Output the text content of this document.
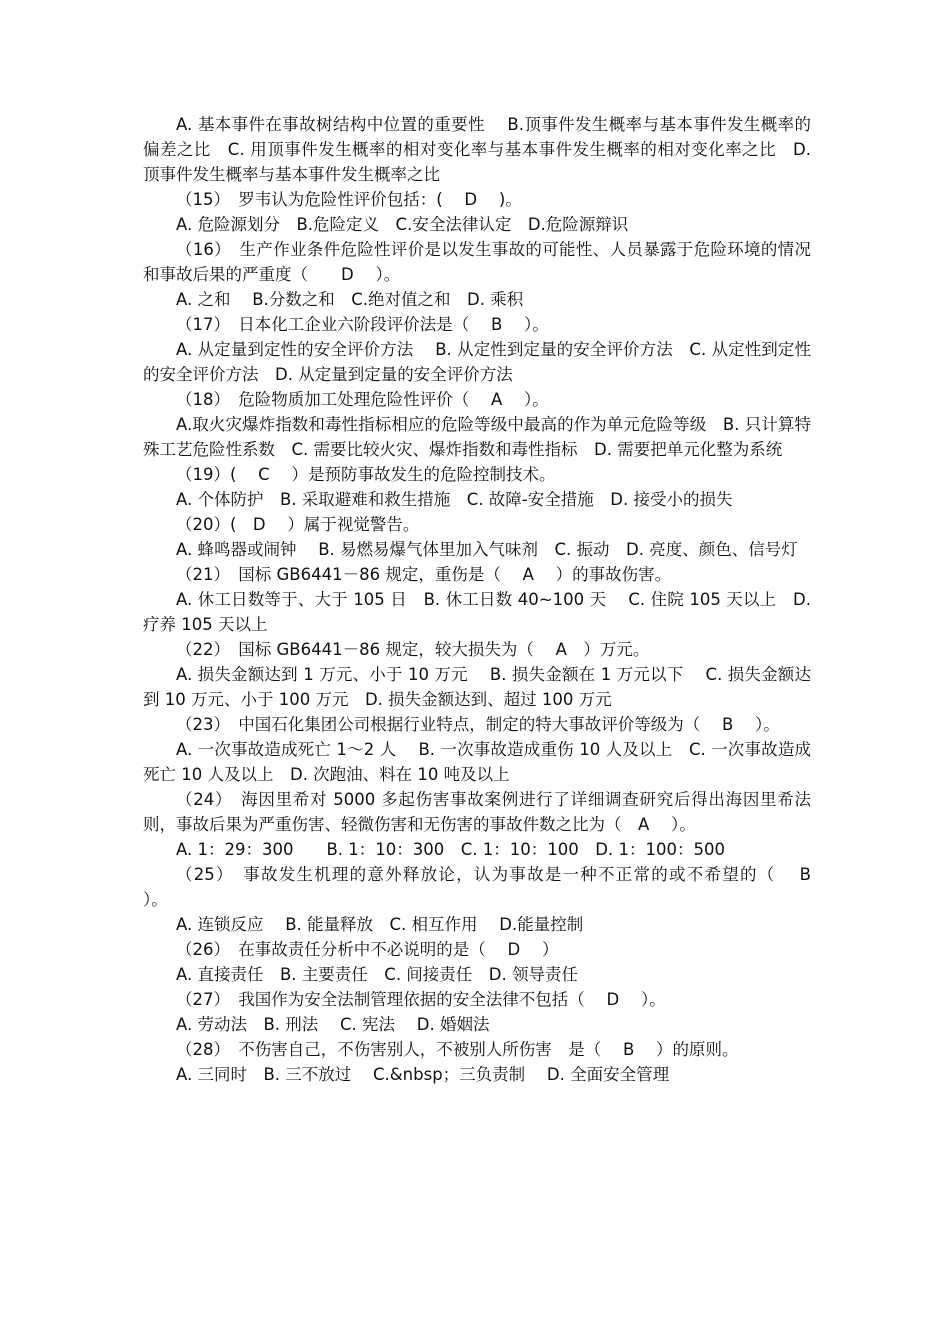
A. 基本事件在事故树结构中位置的重要性　 B.顶事件发生概率与基本事件发生概率的偏差之比　C. 用顶事件发生概率的相对变化率与基本事件发生概率的相对变化率之比　D. 顶事件发生概率与基本事件发生概率之比

（15）　罗韦认为危险性评价包括：(　 D　 )。

A. 危险源划分　B.危险定义　C.安全法律认定　D.危险源辩识

（16）　生产作业条件危险性评价是以发生事故的可能性、人员暴露于危险环境的情况和事故后果的严重度（　　D　 ）。

A. 之和　 B.分数之和　C.绝对值之和　D. 乘积

（17）　日本化工企业六阶段评价法是（　 B　 ）。

A. 从定量到定性的安全评价方法　 B. 从定性到定量的安全评价方法　C. 从定性到定性的安全评价方法　D. 从定量到定量的安全评价方法

（18）　危险物质加工处理危险性评价（　 A　 ）。

A.取火灾爆炸指数和毒性指标相应的危险等级中最高的作为单元危险等级　B. 只计算特殊工艺危险性系数　C. 需要比较火灾、爆炸指数和毒性指标　D. 需要把单元化整为系统

（19）(　 C　 ）是预防事故发生的危险控制技术。

A. 个体防护　B. 采取避难和救生措施　C. 故障-安全措施　D. 接受小的损失

（20）(　D　 ）属于视觉警告。

A. 蜂鸣器或闹钟　 B. 易燃易爆气体里加入气味剂　C. 振动　D. 亮度、颜色、信号灯

（21）　国标 GB6441－86 规定，重伤是（　 A　 ）的事故伤害。

A. 休工日数等于、大于 105 日　B. 休工日数 40~100 天　 C. 住院 105 天以上　D. 疗养 105 天以上

（22）　国标 GB6441－86 规定，较大损失为（　 A　）万元。

A. 损失金额达到 1 万元、小于 10 万元　 B. 损失金额在 1 万元以下　 C. 损失金额达到 10 万元、小于 100 万元　D. 损失金额达到、超过 100 万元

（23）　中国石化集团公司根据行业特点，制定的特大事故评价等级为（　 B　 ）。

A. 一次事故造成死亡 1～2 人　 B. 一次事故造成重伤 10 人及以上　C. 一次事故造成死亡 10 人及以上　D. 次跑油、料在 10 吨及以上

（24）　海因里希对 5000 多起伤害事故案例进行了详细调查研究后得出海因里希法则，事故后果为严重伤害、轻微伤害和无伤害的事故件数之比为（　A　 ）。

A. 1：29：300　　B. 1：10：300　C. 1：10：100　D. 1：100：500

（25）　事故发生机理的意外释放论，认为事故是一种不正常的或不希望的（　 B　 ）。

A. 连锁反应　 B. 能量释放　C. 相互作用　 D.能量控制

（26）　在事故责任分析中不必说明的是（　 D　 ）

A. 直接责任　B. 主要责任　C. 间接责任　D. 领导责任

（27）　我国作为安全法制管理依据的安全法律不包括（　 D　 ）。

A. 劳动法　B. 刑法　 C. 宪法　 D. 婚姻法

（28）　不伤害自己，不伤害别人，不被别人所伤害　是（　 B　 ）的原则。

A. 三同时　B. 三不放过　 C.&nbsp；三负责制　 D. 全面安全管理
